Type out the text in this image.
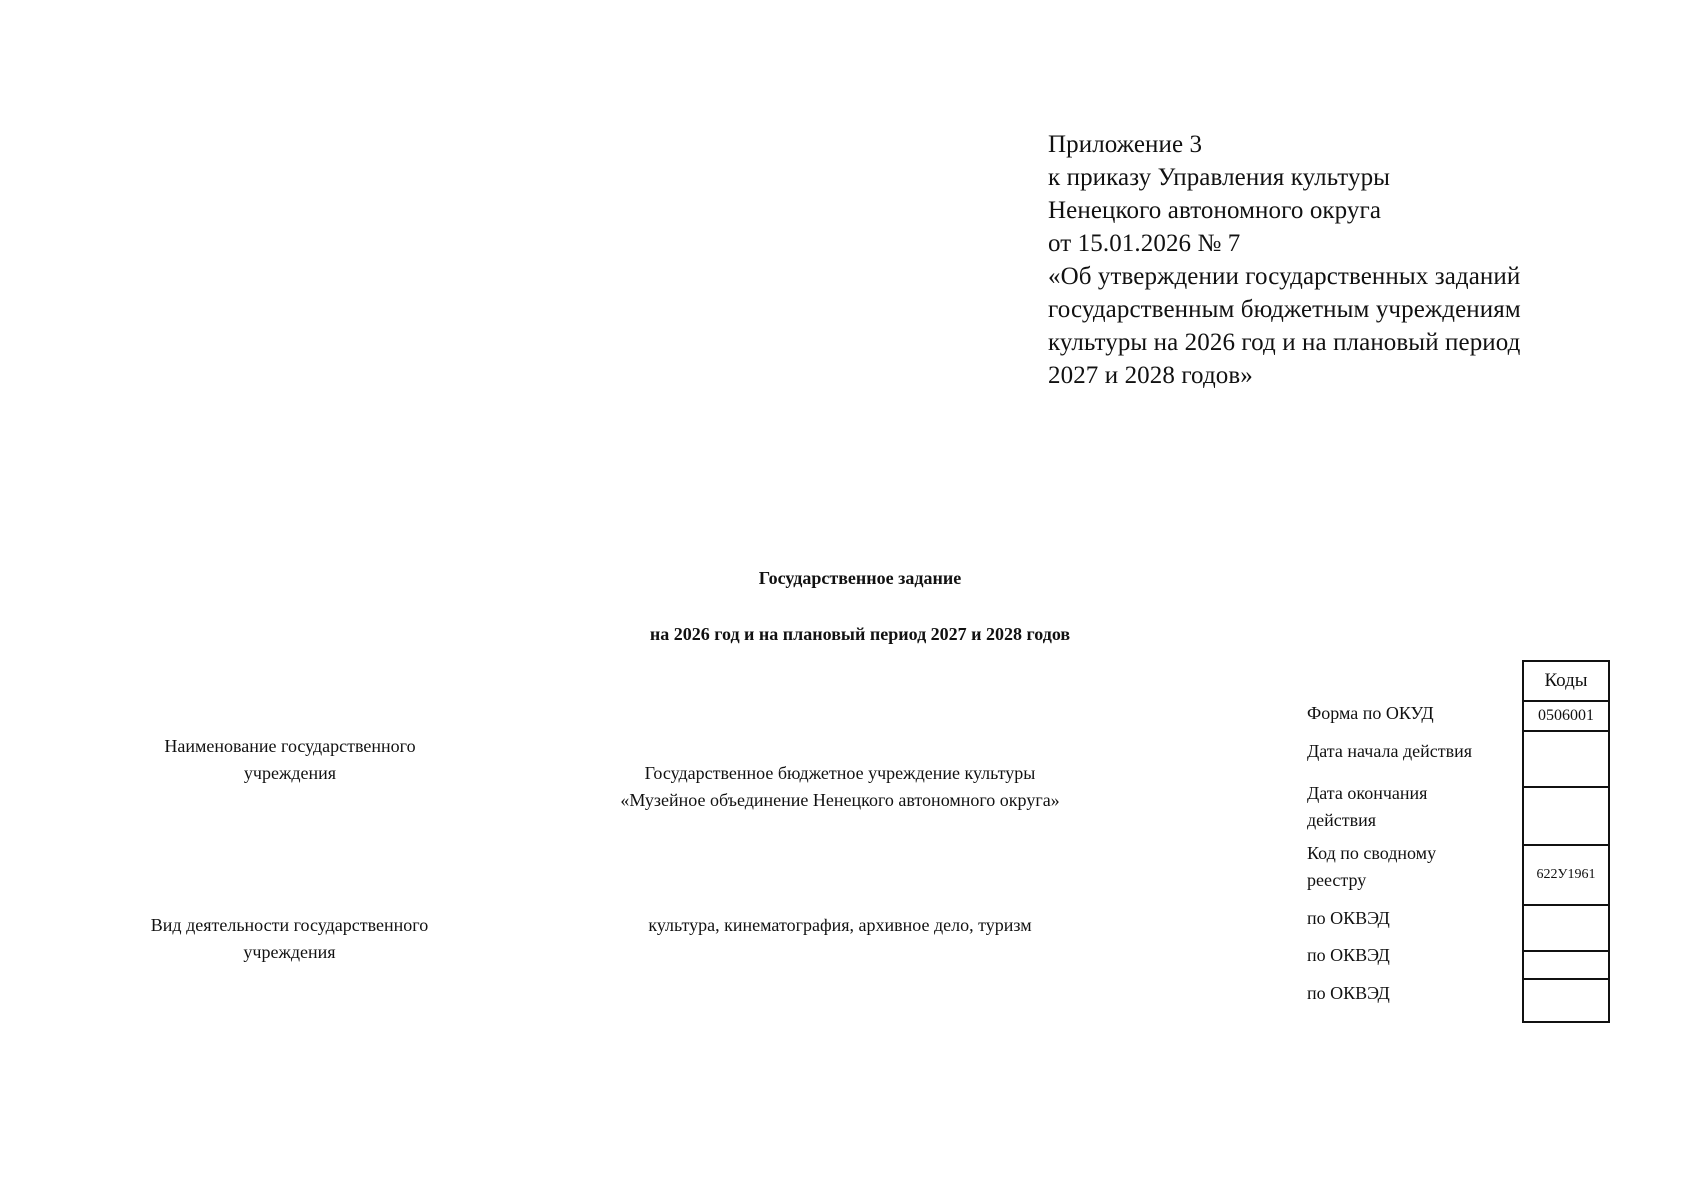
Приложение 3
к приказу Управления культуры
Ненецкого автономного округа
от 15.01.2026 № 7
«Об утверждении государственных заданий
государственным бюджетным учреждениям
культуры на 2026 год и на плановый период
2027 и 2028 годов»
Государственное задание
на 2026 год и на плановый период 2027 и 2028 годов
Наименование государственного
учреждения	Государственное бюджетное учреждение культуры
«Музейное объединение Ненецкого автономного округа»
Вид деятельности государственного
учреждения
культура, кинематография, архивное дело, туризм
Форма по ОКУД
Дата начала действия
Дата окончания
действия
Код по сводному
реестру
по ОКВЭД
по ОКВЭД
по ОКВЭД
Коды
0506001
622У1961
